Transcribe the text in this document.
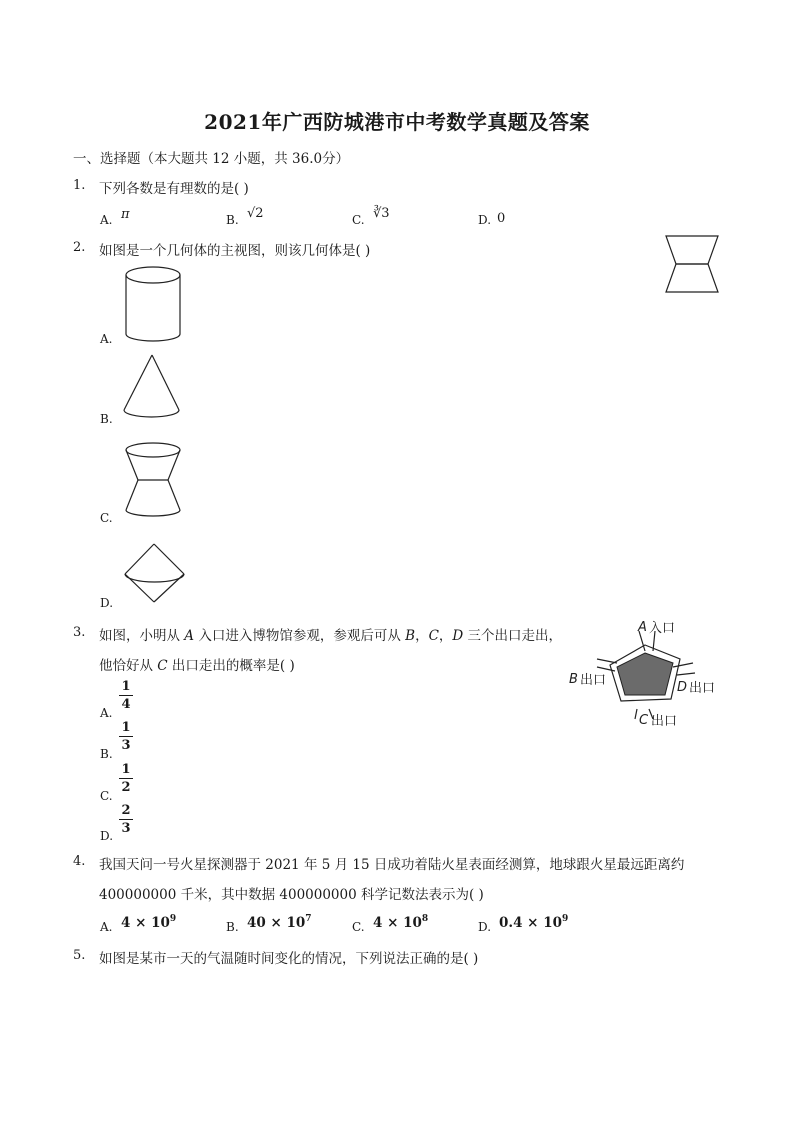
2021年广西防城港市中考数学真题及答案
一、选择题（本大题共 12 小题，共 36.0分）
1. 下列各数是有理数的是( )
A. π	B. √2	C. ∛3	D. 0
2. 如图是一个几何体的主视图，则该几何体是( )
A.
B.
C.
D.
3. 如图，小明从 A 入口进入博物馆参观，参观后可从 B，C，D 三个出口走出，
他恰好从 C 出口走出的概率是( )
A 入口
B 出口	D 出口
C 出口
A.
1
4
B.
1
3
C.
1
2
D.
2
3
4. 我国天问一号火星探测器于 2021 年 5 月 15 日成功着陆火星表面经测算，地球跟火星最远距离约
400000000 千米，其中数据 400000000 科学记数法表示为( )
A. $4 \times 10^9$
B. $40 \times 10^7$
C. $4 \times 10^8$
D. $0.4 \times 10^9$
5. 如图是某市一天的气温随时间变化的情况，下列说法正确的是( )
